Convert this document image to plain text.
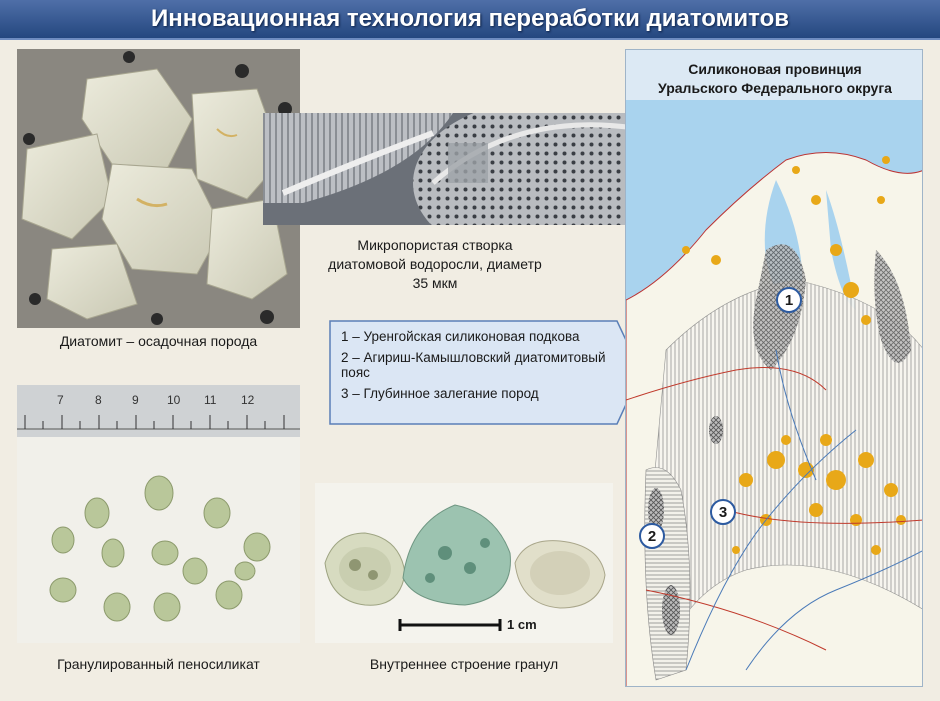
Инновационная технология переработки диатомитов
Диатомит – осадочная порода
Микропористая створка диатомовой водоросли, диаметр 35 мкм
1 – Уренгойская силиконовая подкова
2 – Агириш-Камышловский диатомитовый пояс
3 – Глубинное залегание пород
7	8	9 10 11 12
Гранулированный пеносиликат
1 cm
Внутреннее строение гранул
Силиконовая провинция
Уральского Федерального округа
1
2
3
